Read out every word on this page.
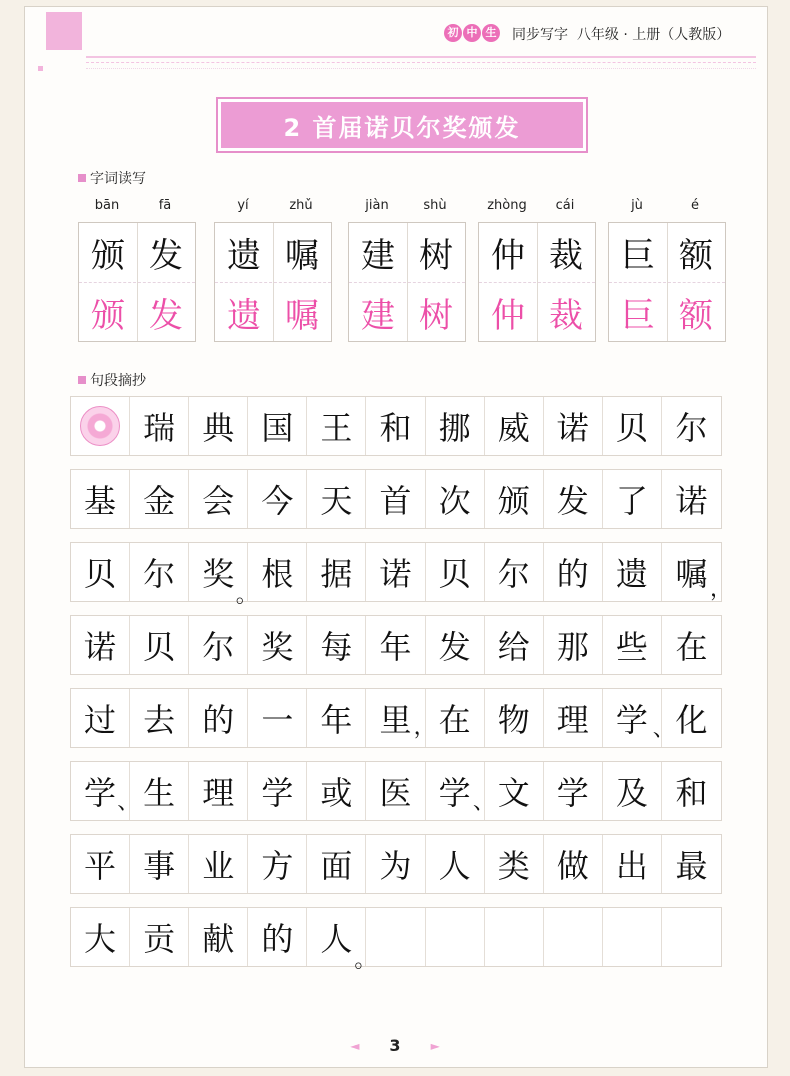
初 中 生 同步写字 八年级 · 上册（人教版）
2 首届诺贝尔奖颁发
字词读写
bān	fā
颁 发
颁 发
yí	zhǔ
遗 嘱
遗 嘱
jiàn	shù
建 树
建 树
zhòng	cái
仲 裁
仲 裁
jù	é
巨 额
巨 额
句段摘抄
瑞 典 国 王 和 挪 威 诺 贝 尔
基 金 会 今 天 首 次 颁 发 了 诺
贝 尔 奖 根 据 诺 贝 尔 的 遗 嘱
诺 贝 尔 奖 每 年 发 给 那 些 在
过 去 的 一 年 里 在 物 理 学 化
学 生 理 学 或 医 学 文 学 及 和
平 事 业 方 面 为 人 类 做 出 最
大 贡 献 的 人
。	，
，	、
、	、
。
◄ 3	►
